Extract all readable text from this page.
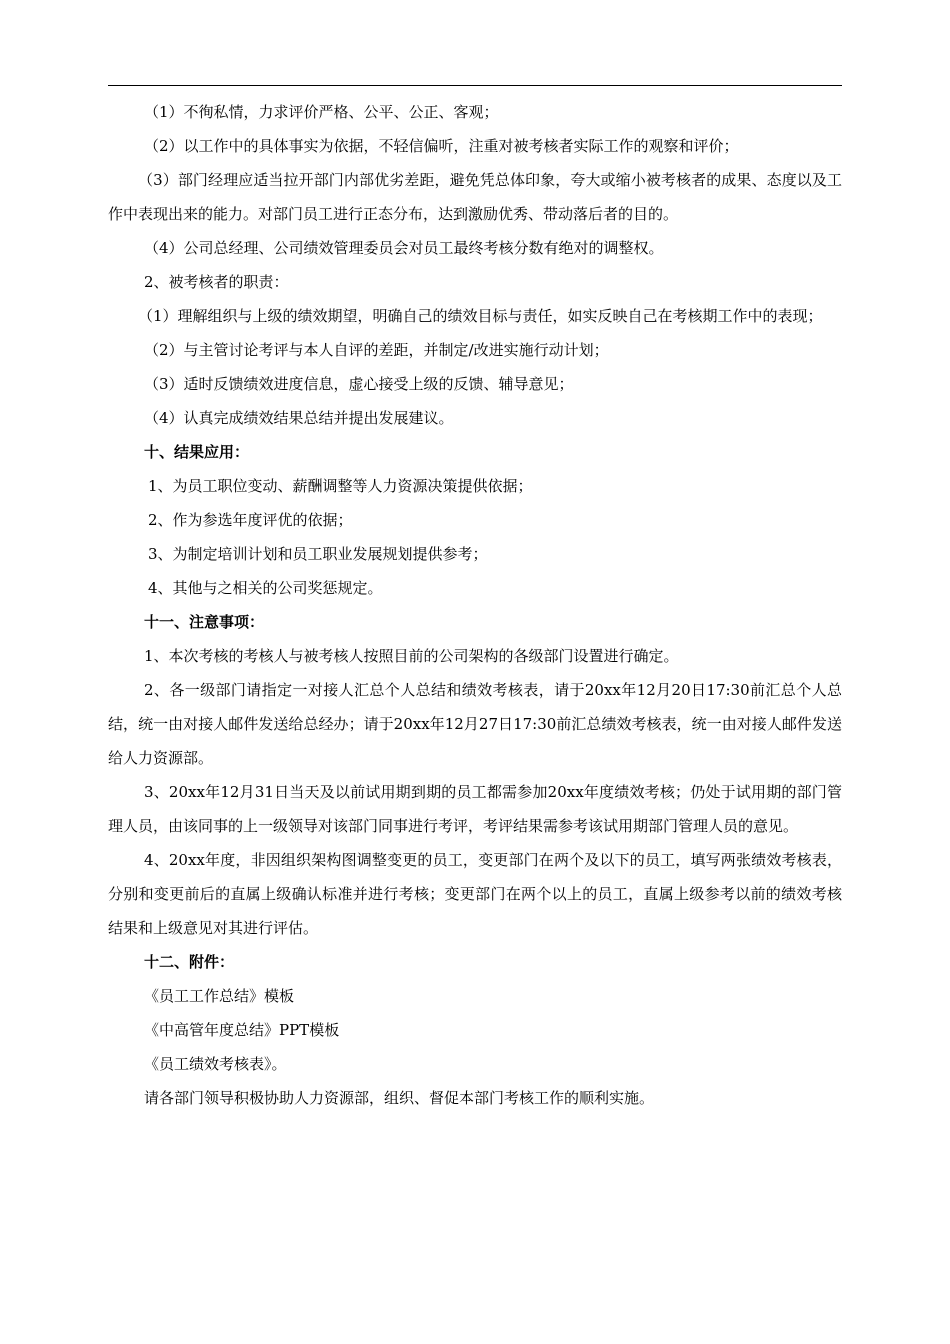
（1）不徇私情，力求评价严格、公平、公正、客观；

（2）以工作中的具体事实为依据，不轻信偏听，注重对被考核者实际工作的观察和评价；

（3）部门经理应适当拉开部门内部优劣差距，避免凭总体印象，夸大或缩小被考核者的成果、态度以及工作中表现出来的能力。对部门员工进行正态分布，达到激励优秀、带动落后者的目的。

（4）公司总经理、公司绩效管理委员会对员工最终考核分数有绝对的调整权。

2、被考核者的职责：

（1）理解组织与上级的绩效期望，明确自己的绩效目标与责任，如实反映自己在考核期工作中的表现；

（2）与主管讨论考评与本人自评的差距，并制定/改进实施行动计划；

（3）适时反馈绩效进度信息，虚心接受上级的反馈、辅导意见；

（4）认真完成绩效结果总结并提出发展建议。

十、结果应用：

1、为员工职位变动、薪酬调整等人力资源决策提供依据；

2、作为参选年度评优的依据；

3、为制定培训计划和员工职业发展规划提供参考；

4、其他与之相关的公司奖惩规定。

十一、注意事项：

1、本次考核的考核人与被考核人按照目前的公司架构的各级部门设置进行确定。

2、各一级部门请指定一对接人汇总个人总结和绩效考核表，请于20xx年12月20日17:30前汇总个人总结，统一由对接人邮件发送给总经办；请于20xx年12月27日17:30前汇总绩效考核表，统一由对接人邮件发送给人力资源部。

3、20xx年12月31日当天及以前试用期到期的员工都需参加20xx年度绩效考核；仍处于试用期的部门管理人员，由该同事的上一级领导对该部门同事进行考评，考评结果需参考该试用期部门管理人员的意见。

4、20xx年度，非因组织架构图调整变更的员工，变更部门在两个及以下的员工，填写两张绩效考核表，分别和变更前后的直属上级确认标准并进行考核；变更部门在两个以上的员工，直属上级参考以前的绩效考核结果和上级意见对其进行评估。

十二、附件：

《员工工作总结》模板

《中高管年度总结》PPT模板

《员工绩效考核表》。

请各部门领导积极协助人力资源部，组织、督促本部门考核工作的顺利实施。
